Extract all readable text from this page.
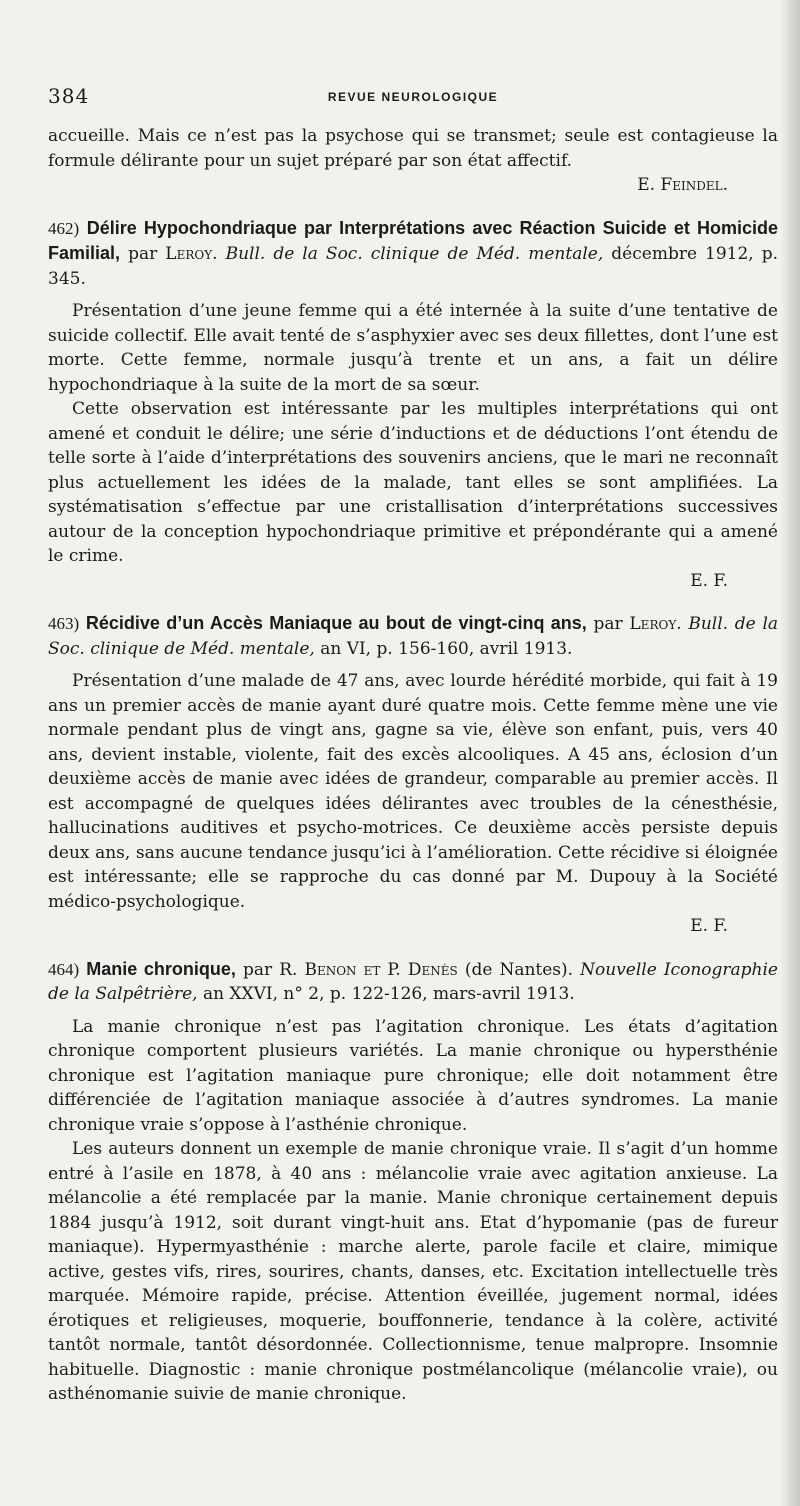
384	REVUE NEUROLOGIQUE

accueille. Mais ce n’est pas la psychose qui se transmet; seule est contagieuse la formule délirante pour un sujet préparé par son état affectif.

E. Feindel.

462) Délire Hypochondriaque par Interprétations avec Réaction Suicide et Homicide Familial, par Leroy. Bull. de la Soc. clinique de Méd. mentale, décembre 1912, p. 345.

Présentation d’une jeune femme qui a été internée à la suite d’une tentative de suicide collectif. Elle avait tenté de s’asphyxier avec ses deux fillettes, dont l’une est morte. Cette femme, normale jusqu’à trente et un ans, a fait un délire hypochondriaque à la suite de la mort de sa sœur.

Cette observation est intéressante par les multiples interprétations qui ont amené et conduit le délire; une série d’inductions et de déductions l’ont étendu de telle sorte à l’aide d’interprétations des souvenirs anciens, que le mari ne reconnaît plus actuellement les idées de la malade, tant elles se sont amplifiées. La systématisation s’effectue par une cristallisation d’interprétations successives autour de la conception hypochondriaque primitive et prépondérante qui a amené le crime.

E. F.

463) Récidive d’un Accès Maniaque au bout de vingt-cinq ans, par Leroy. Bull. de la Soc. clinique de Méd. mentale, an VI, p. 156-160, avril 1913.

Présentation d’une malade de 47 ans, avec lourde hérédité morbide, qui fait à 19 ans un premier accès de manie ayant duré quatre mois. Cette femme mène une vie normale pendant plus de vingt ans, gagne sa vie, élève son enfant, puis, vers 40 ans, devient instable, violente, fait des excès alcooliques. A 45 ans, éclosion d’un deuxième accès de manie avec idées de grandeur, comparable au premier accès. Il est accompagné de quelques idées délirantes avec troubles de la cénesthésie, hallucinations auditives et psycho-motrices. Ce deuxième accès persiste depuis deux ans, sans aucune tendance jusqu’ici à l’amélioration. Cette récidive si éloignée est intéressante; elle se rapproche du cas donné par M. Dupouy à la Société médico-psychologique.

E. F.

464) Manie chronique, par R. Benon et P. Denès (de Nantes). Nouvelle Iconographie de la Salpêtrière, an XXVI, n° 2, p. 122-126, mars-avril 1913.

La manie chronique n’est pas l’agitation chronique. Les états d’agitation chronique comportent plusieurs variétés. La manie chronique ou hypersthénie chronique est l’agitation maniaque pure chronique; elle doit notamment être différenciée de l’agitation maniaque associée à d’autres syndromes. La manie chronique vraie s’oppose à l’asthénie chronique.

Les auteurs donnent un exemple de manie chronique vraie. Il s’agit d’un homme entré à l’asile en 1878, à 40 ans : mélancolie vraie avec agitation anxieuse. La mélancolie a été remplacée par la manie. Manie chronique certainement depuis 1884 jusqu’à 1912, soit durant vingt-huit ans. Etat d’hypomanie (pas de fureur maniaque). Hypermyasthénie : marche alerte, parole facile et claire, mimique active, gestes vifs, rires, sourires, chants, danses, etc. Excitation intellectuelle très marquée. Mémoire rapide, précise. Attention éveillée, jugement normal, idées érotiques et religieuses, moquerie, bouffonnerie, tendance à la colère, activité tantôt normale, tantôt désordonnée. Collectionnisme, tenue malpropre. Insomnie habituelle. Diagnostic : manie chronique postmélancolique (mélancolie vraie), ou asthénomanie suivie de manie chronique.
